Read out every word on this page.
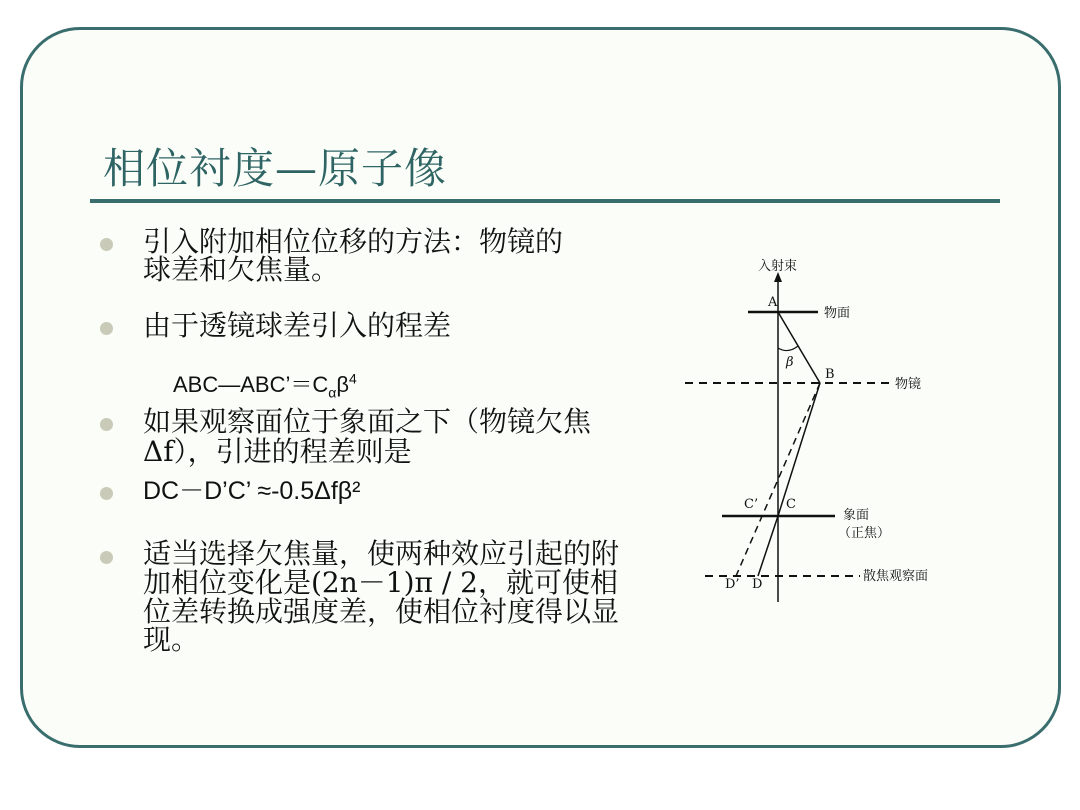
相位衬度—原子像
引入附加相位位移的方法：物镜的
球差和欠焦量。
由于透镜球差引入的程差
$ABC—ABC’=C_\alpha\beta^4$
如果观察面位于象面之下（物镜欠焦
Δf），引进的程差则是
DC－D’C’ ≈-0.5Δfβ²
适当选择欠焦量，使两种效应引起的附
加相位变化是(2n－1)π / 2，就可使相
位差转换成强度差，使相位衬度得以显
现。
入射束
A
物面
B
物镜
β
C’ C
象面
（正焦）
D’ D
散焦观察面
